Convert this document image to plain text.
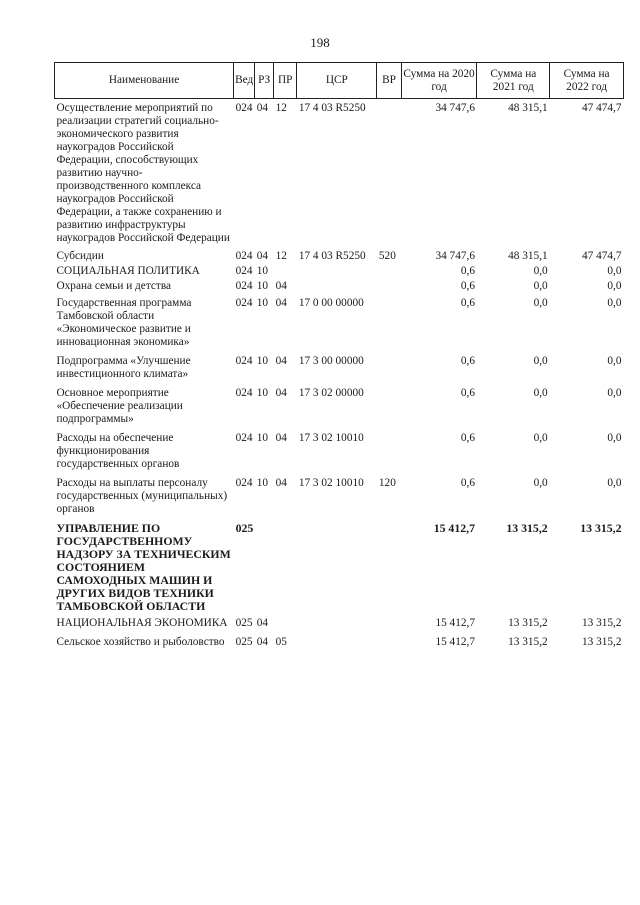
198
Наименование	Вед	РЗ	ПР	ЦСР	ВР	Сумма на 2020 год	Сумма на 2021 год	Сумма на 2022 год
Осуществление мероприятий по реализации стратегий социально-экономического развития наукоградов Российской Федерации, способствующих развитию научно-производственного комплекса наукоградов Российской Федерации, а также сохранению и развитию инфраструктуры наукоградов Российской Федерации	024	04	12	17 4 03 R5250		34 747,6	48 315,1	47 474,7
Субсидии	024	04	12	17 4 03 R5250	520	34 747,6	48 315,1	47 474,7
СОЦИАЛЬНАЯ ПОЛИТИКА	024	10				0,6	0,0	0,0
Охрана семьи и детства	024	10	04			0,6	0,0	0,0
Государственная программа Тамбовской области «Экономическое развитие и инновационная экономика»	024	10	04	17 0 00 00000		0,6	0,0	0,0
Подпрограмма «Улучшение инвестиционного климата»	024	10	04	17 3 00 00000		0,6	0,0	0,0
Основное мероприятие «Обеспечение реализации подпрограммы»	024	10	04	17 3 02 00000		0,6	0,0	0,0
Расходы на обеспечение функционирования государственных органов	024	10	04	17 3 02 10010		0,6	0,0	0,0
Расходы на выплаты персоналу государственных (муниципальных) органов	024	10	04	17 3 02 10010	120	0,6	0,0	0,0
УПРАВЛЕНИЕ ПО ГОСУДАРСТВЕННОМУ НАДЗОРУ ЗА ТЕХНИЧЕСКИМ СОСТОЯНИЕМ САМОХОДНЫХ МАШИН И ДРУГИХ ВИДОВ ТЕХНИКИ ТАМБОВСКОЙ ОБЛАСТИ	025					15 412,7	13 315,2	13 315,2
НАЦИОНАЛЬНАЯ ЭКОНОМИКА	025	04				15 412,7	13 315,2	13 315,2
Сельское хозяйство и рыболовство	025	04	05			15 412,7	13 315,2	13 315,2
